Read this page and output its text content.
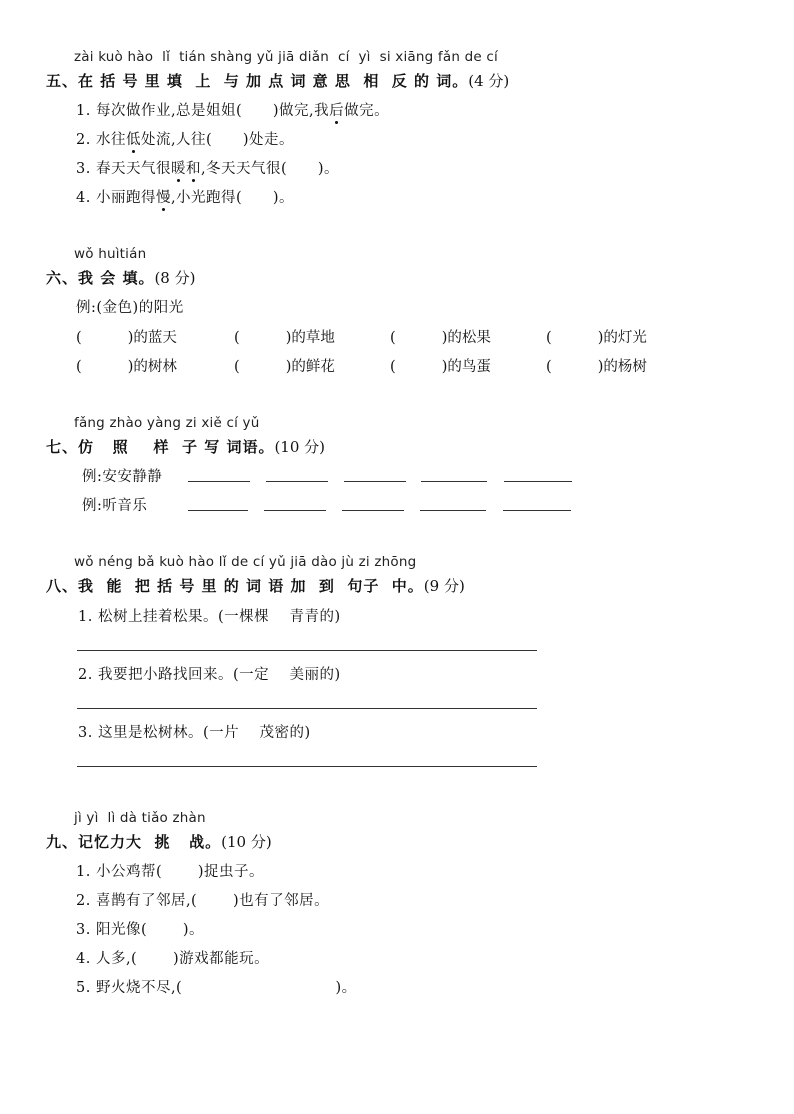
zài kuò hào  lǐ  tián shàng yǔ jiā diǎn  cí  yì  si xiāng fǎn de cí
五、在 括 号 里 填  上  与 加 点 词 意 思  相  反 的 词。(4 分)
1. 每次做作业,总是姐姐( )做完,我后做完。
2. 水往低处流,人往( )处走。
3. 春天天气很暖和,冬天天气很( )。
4. 小丽跑得慢,小光跑得( )。
wǒ huìtián
六、我 会 填。(8 分)
例:(金色)的阳光
(          )的蓝天	(          )的草地	(          )的松果	(          )的灯光
(          )的树林	(          )的鲜花	(          )的鸟蛋	(          )的杨树
fǎng zhào yàng zi xiě cí yǔ
七、仿   照    样  子 写 词语。(10 分)
例:安安静静
例:听音乐
wǒ néng bǎ kuò hào lǐ de cí yǔ jiā dào jù zi zhōng
八、我  能  把 括 号 里 的 词 语 加  到  句子  中。(9 分)
1. 松树上挂着松果。(一棵棵    青青的)
2. 我要把小路找回来。(一定    美丽的)
3. 这里是松树林。(一片    茂密的)
jì yì  lì dà tiǎo zhàn
九、记忆力大  挑   战。(10 分)
1. 小公鸡帮(       )捉虫子。
2. 喜鹊有了邻居,(       )也有了邻居。
3. 阳光像(       )。
4. 人多,(       )游戏都能玩。
5. 野火烧不尽,(                              )。
